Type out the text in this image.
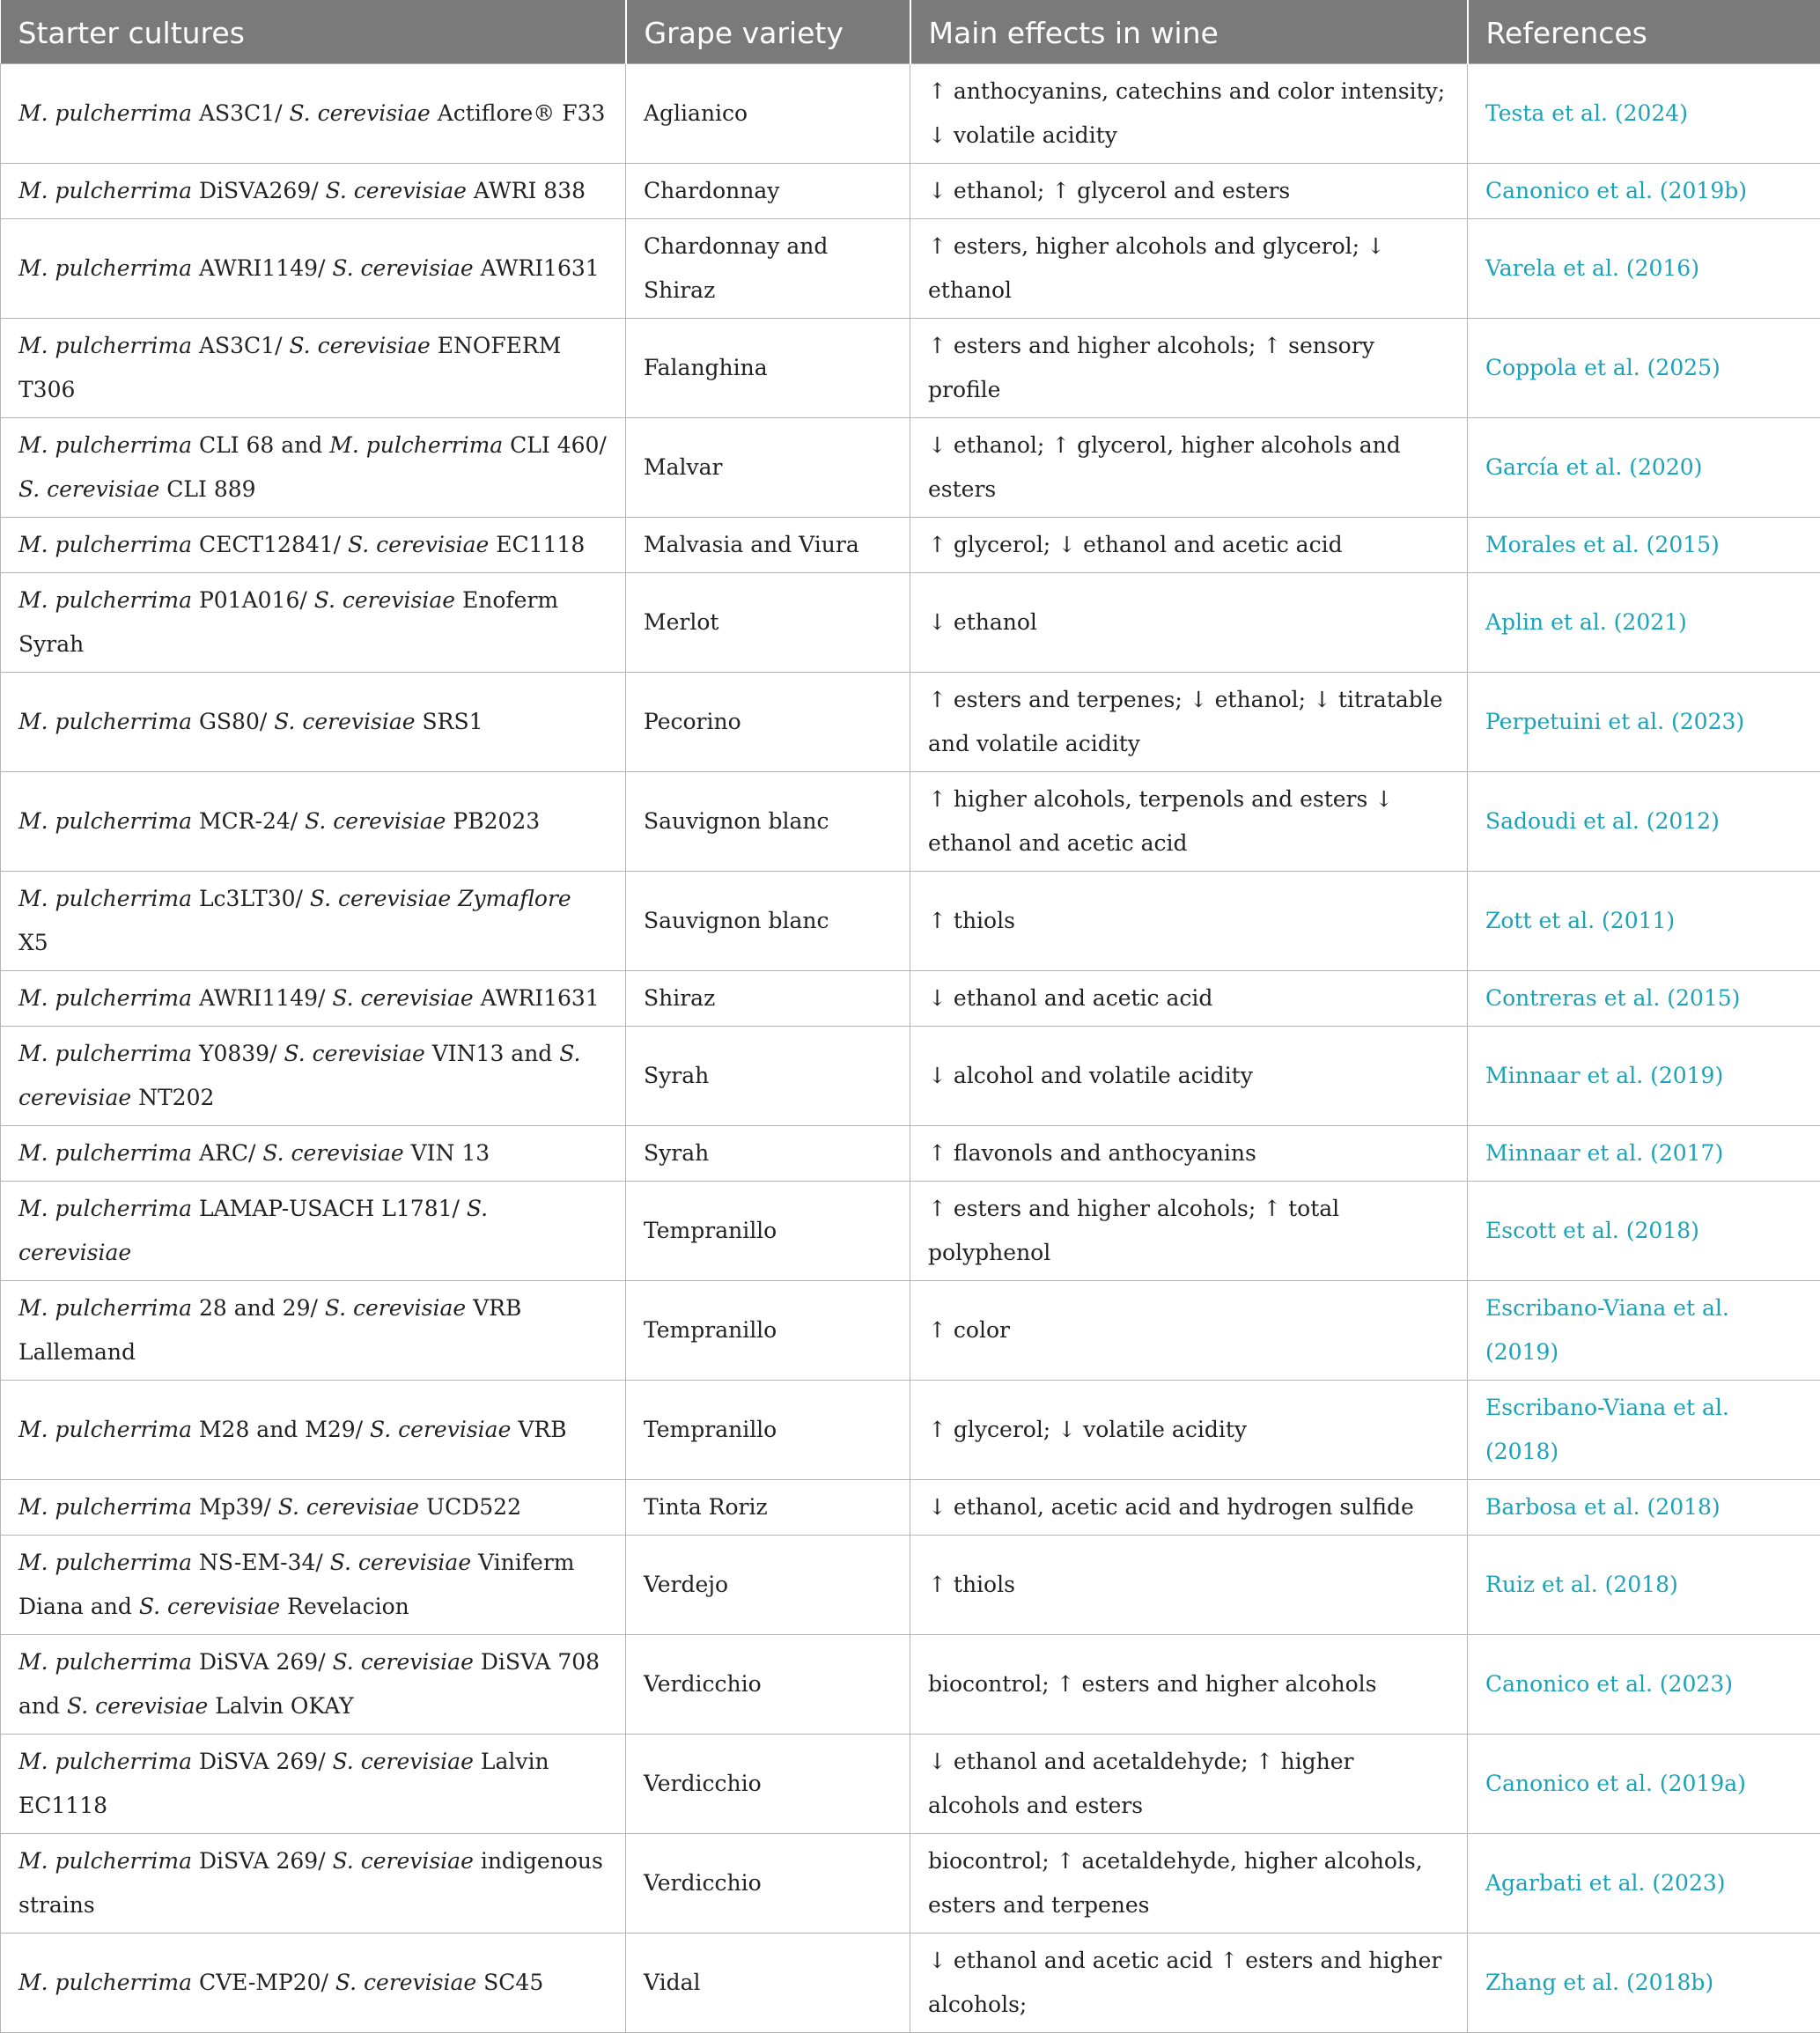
Starter cultures	Grape variety	Main effects in wine	References
M. pulcherrima AS3C1/ S. cerevisiae Actiflore® F33	Aglianico	↑ anthocyanins, catechins and color intensity; ↓ volatile acidity	Testa et al. (2024)
M. pulcherrima DiSVA269/ S. cerevisiae AWRI 838	Chardonnay	↓ ethanol; ↑ glycerol and esters	Canonico et al. (2019b)
M. pulcherrima AWRI1149/ S. cerevisiae AWRI1631	Chardonnay and Shiraz	↑ esters, higher alcohols and glycerol; ↓ ethanol	Varela et al. (2016)
M. pulcherrima AS3C1/ S. cerevisiae ENOFERM T306	Falanghina	↑ esters and higher alcohols; ↑ sensory profile	Coppola et al. (2025)
M. pulcherrima CLI 68 and M. pulcherrima CLI 460/ S. cerevisiae CLI 889	Malvar	↓ ethanol; ↑ glycerol, higher alcohols and esters	García et al. (2020)
M. pulcherrima CECT12841/ S. cerevisiae EC1118	Malvasia and Viura	↑ glycerol; ↓ ethanol and acetic acid	Morales et al. (2015)
M. pulcherrima P01A016/ S. cerevisiae Enoferm Syrah	Merlot	↓ ethanol	Aplin et al. (2021)
M. pulcherrima GS80/ S. cerevisiae SRS1	Pecorino	↑ esters and terpenes; ↓ ethanol; ↓ titratable and volatile acidity	Perpetuini et al. (2023)
M. pulcherrima MCR-24/ S. cerevisiae PB2023	Sauvignon blanc	↑ higher alcohols, terpenols and esters ↓ ethanol and acetic acid	Sadoudi et al. (2012)
M. pulcherrima Lc3LT30/ S. cerevisiae Zymaflore X5	Sauvignon blanc	↑ thiols	Zott et al. (2011)
M. pulcherrima AWRI1149/ S. cerevisiae AWRI1631	Shiraz	↓ ethanol and acetic acid	Contreras et al. (2015)
M. pulcherrima Y0839/ S. cerevisiae VIN13 and S. cerevisiae NT202	Syrah	↓ alcohol and volatile acidity	Minnaar et al. (2019)
M. pulcherrima ARC/ S. cerevisiae VIN 13	Syrah	↑ flavonols and anthocyanins	Minnaar et al. (2017)
M. pulcherrima LAMAP-USACH L1781/ S. cerevisiae	Tempranillo	↑ esters and higher alcohols; ↑ total polyphenol	Escott et al. (2018)
M. pulcherrima 28 and 29/ S. cerevisiae VRB Lallemand	Tempranillo	↑ color	Escribano-Viana et al. (2019)
M. pulcherrima M28 and M29/ S. cerevisiae VRB	Tempranillo	↑ glycerol; ↓ volatile acidity	Escribano-Viana et al. (2018)
M. pulcherrima Mp39/ S. cerevisiae UCD522	Tinta Roriz	↓ ethanol, acetic acid and hydrogen sulfide	Barbosa et al. (2018)
M. pulcherrima NS-EM-34/ S. cerevisiae Viniferm Diana and S. cerevisiae Revelacion	Verdejo	↑ thiols	Ruiz et al. (2018)
M. pulcherrima DiSVA 269/ S. cerevisiae DiSVA 708 and S. cerevisiae Lalvin OKAY	Verdicchio	biocontrol; ↑ esters and higher alcohols	Canonico et al. (2023)
M. pulcherrima DiSVA 269/ S. cerevisiae Lalvin EC1118	Verdicchio	↓ ethanol and acetaldehyde; ↑ higher alcohols and esters	Canonico et al. (2019a)
M. pulcherrima DiSVA 269/ S. cerevisiae indigenous strains	Verdicchio	biocontrol; ↑ acetaldehyde, higher alcohols, esters and terpenes	Agarbati et al. (2023)
M. pulcherrima CVE-MP20/ S. cerevisiae SC45	Vidal	↓ ethanol and acetic acid ↑ esters and higher alcohols;	Zhang et al. (2018b)
